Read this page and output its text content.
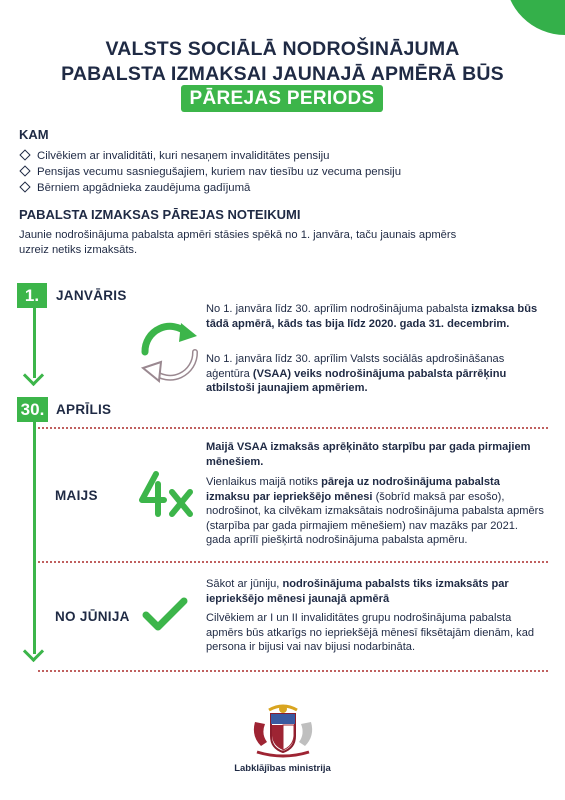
VALSTS SOCIĀLĀ NODROŠINĀJUMA
PABALSTA IZMAKSAI JAUNAJĀ APMĒRĀ BŪS
PĀREJAS PERIODS
KAM
Cilvēkiem ar invaliditāti, kuri nesaņem invaliditātes pensiju
Pensijas vecumu sasniegušajiem, kuriem nav tiesību uz vecuma pensiju
Bērniem apgādnieka zaudējuma gadījumā
PABALSTA IZMAKSAS PĀREJAS NOTEIKUMI
Jaunie nodrošinājuma pabalsta apmēri stāsies spēkā no 1. janvāra, taču jaunais apmērs uzreiz netiks izmaksāts.
1.	JANVĀRIS
No 1. janvāra līdz 30. aprīlim nodrošinājuma pabalsta izmaksa būs tādā apmērā, kāds tas bija līdz 2020. gada 31. decembrim.
No 1. janvāra līdz 30. aprīlim Valsts sociālās apdrošināšanas aģentūra (VSAA) veiks nodrošinājuma pabalsta pārrēķinu atbilstoši jaunajiem apmēriem.
30. APRĪLIS
MAIJS
Maijā VSAA izmaksās aprēķināto starpību par gada pirmajiem mēnešiem.
Vienlaikus maijā notiks pāreja uz nodrošinājuma pabalsta izmaksu par iepriekšējo mēnesi (šobrīd maksā par esošo), nodrošinot, ka cilvēkam izmaksātais nodrošinājuma pabalsta apmērs (starpība par gada pirmajiem mēnešiem) nav mazāks par 2021. gada aprīlī piešķirtā nodrošinājuma pabalsta apmēru.
NO JŪNIJA
Sākot ar jūniju, nodrošinājuma pabalsts tiks izmaksāts par iepriekšējo mēnesi jaunajā apmērā
Cilvēkiem ar I un II invaliditātes grupu nodrošinājuma pabalsta apmērs būs atkarīgs no iepriekšējā mēnesī fiksētajām dienām, kad persona ir bijusi vai nav bijusi nodarbināta.
Labklājības ministrija
